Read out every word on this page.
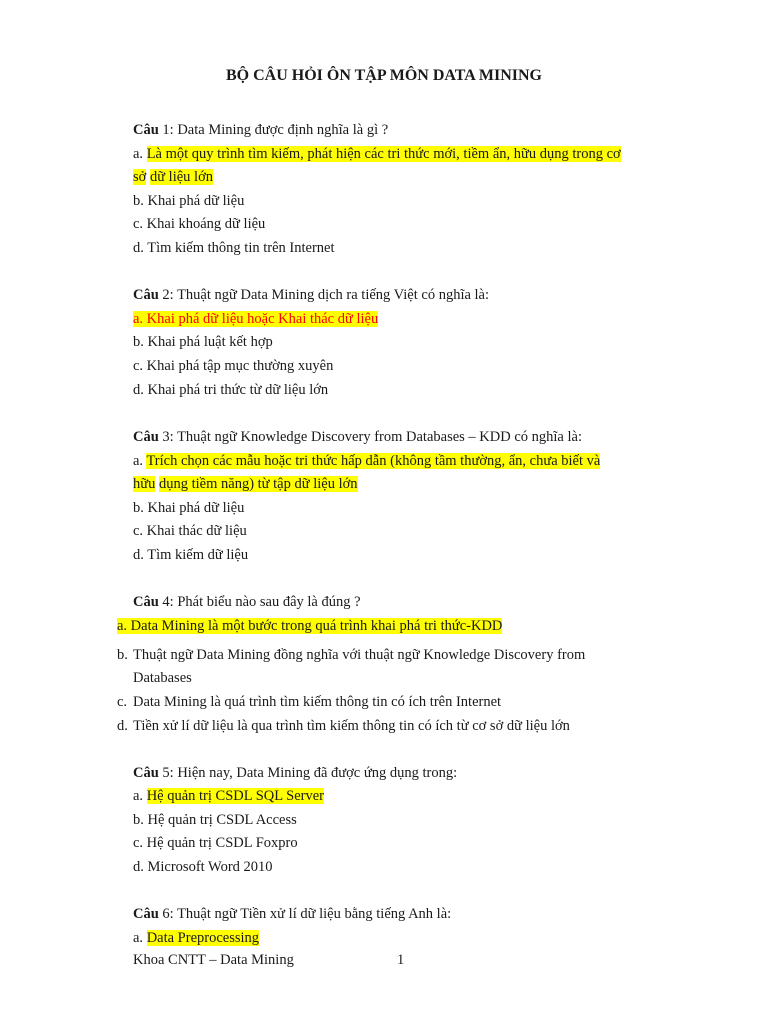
BỘ CÂU HỎI ÔN TẬP MÔN DATA MINING
Câu 1: Data Mining được định nghĩa là gì ?
a. Là một quy trình tìm kiếm, phát hiện các tri thức mới, tiềm ẩn, hữu dụng trong cơ
sở dữ liệu lớn
b. Khai phá dữ liệu
c. Khai khoáng dữ liệu
d. Tìm kiếm thông tin trên Internet
Câu 2: Thuật ngữ Data Mining dịch ra tiếng Việt có nghĩa là:
a. Khai phá dữ liệu hoặc Khai thác dữ liệu
b. Khai phá luật kết hợp
c. Khai phá tập mục thường xuyên
d. Khai phá tri thức từ dữ liệu lớn
Câu 3: Thuật ngữ Knowledge Discovery from Databases – KDD có nghĩa là:
a. Trích chọn các mẫu hoặc tri thức hấp dẫn (không tầm thường, ẩn, chưa biết và
hữu dụng tiềm năng) từ tập dữ liệu lớn
b. Khai phá dữ liệu
c. Khai thác dữ liệu
d. Tìm kiếm dữ liệu
Câu 4: Phát biểu nào sau đây là đúng ?
a. Data Mining là một bước trong quá trình khai phá tri thức-KDD
b. Thuật ngữ Data Mining đồng nghĩa với thuật ngữ Knowledge Discovery from
Databases
c. Data Mining là quá trình tìm kiếm thông tin có ích trên Internet
d. Tiền xử lí dữ liệu là qua trình tìm kiếm thông tin có ích từ cơ sở dữ liệu lớn
Câu 5: Hiện nay, Data Mining đã được ứng dụng trong:
a. Hệ quản trị CSDL SQL Server
b. Hệ quản trị CSDL Access
c. Hệ quản trị CSDL Foxpro
d. Microsoft Word 2010
Câu 6: Thuật ngữ Tiền xử lí dữ liệu bằng tiếng Anh là:
a. Data Preprocessing
Khoa CNTT – Data Mining	1
